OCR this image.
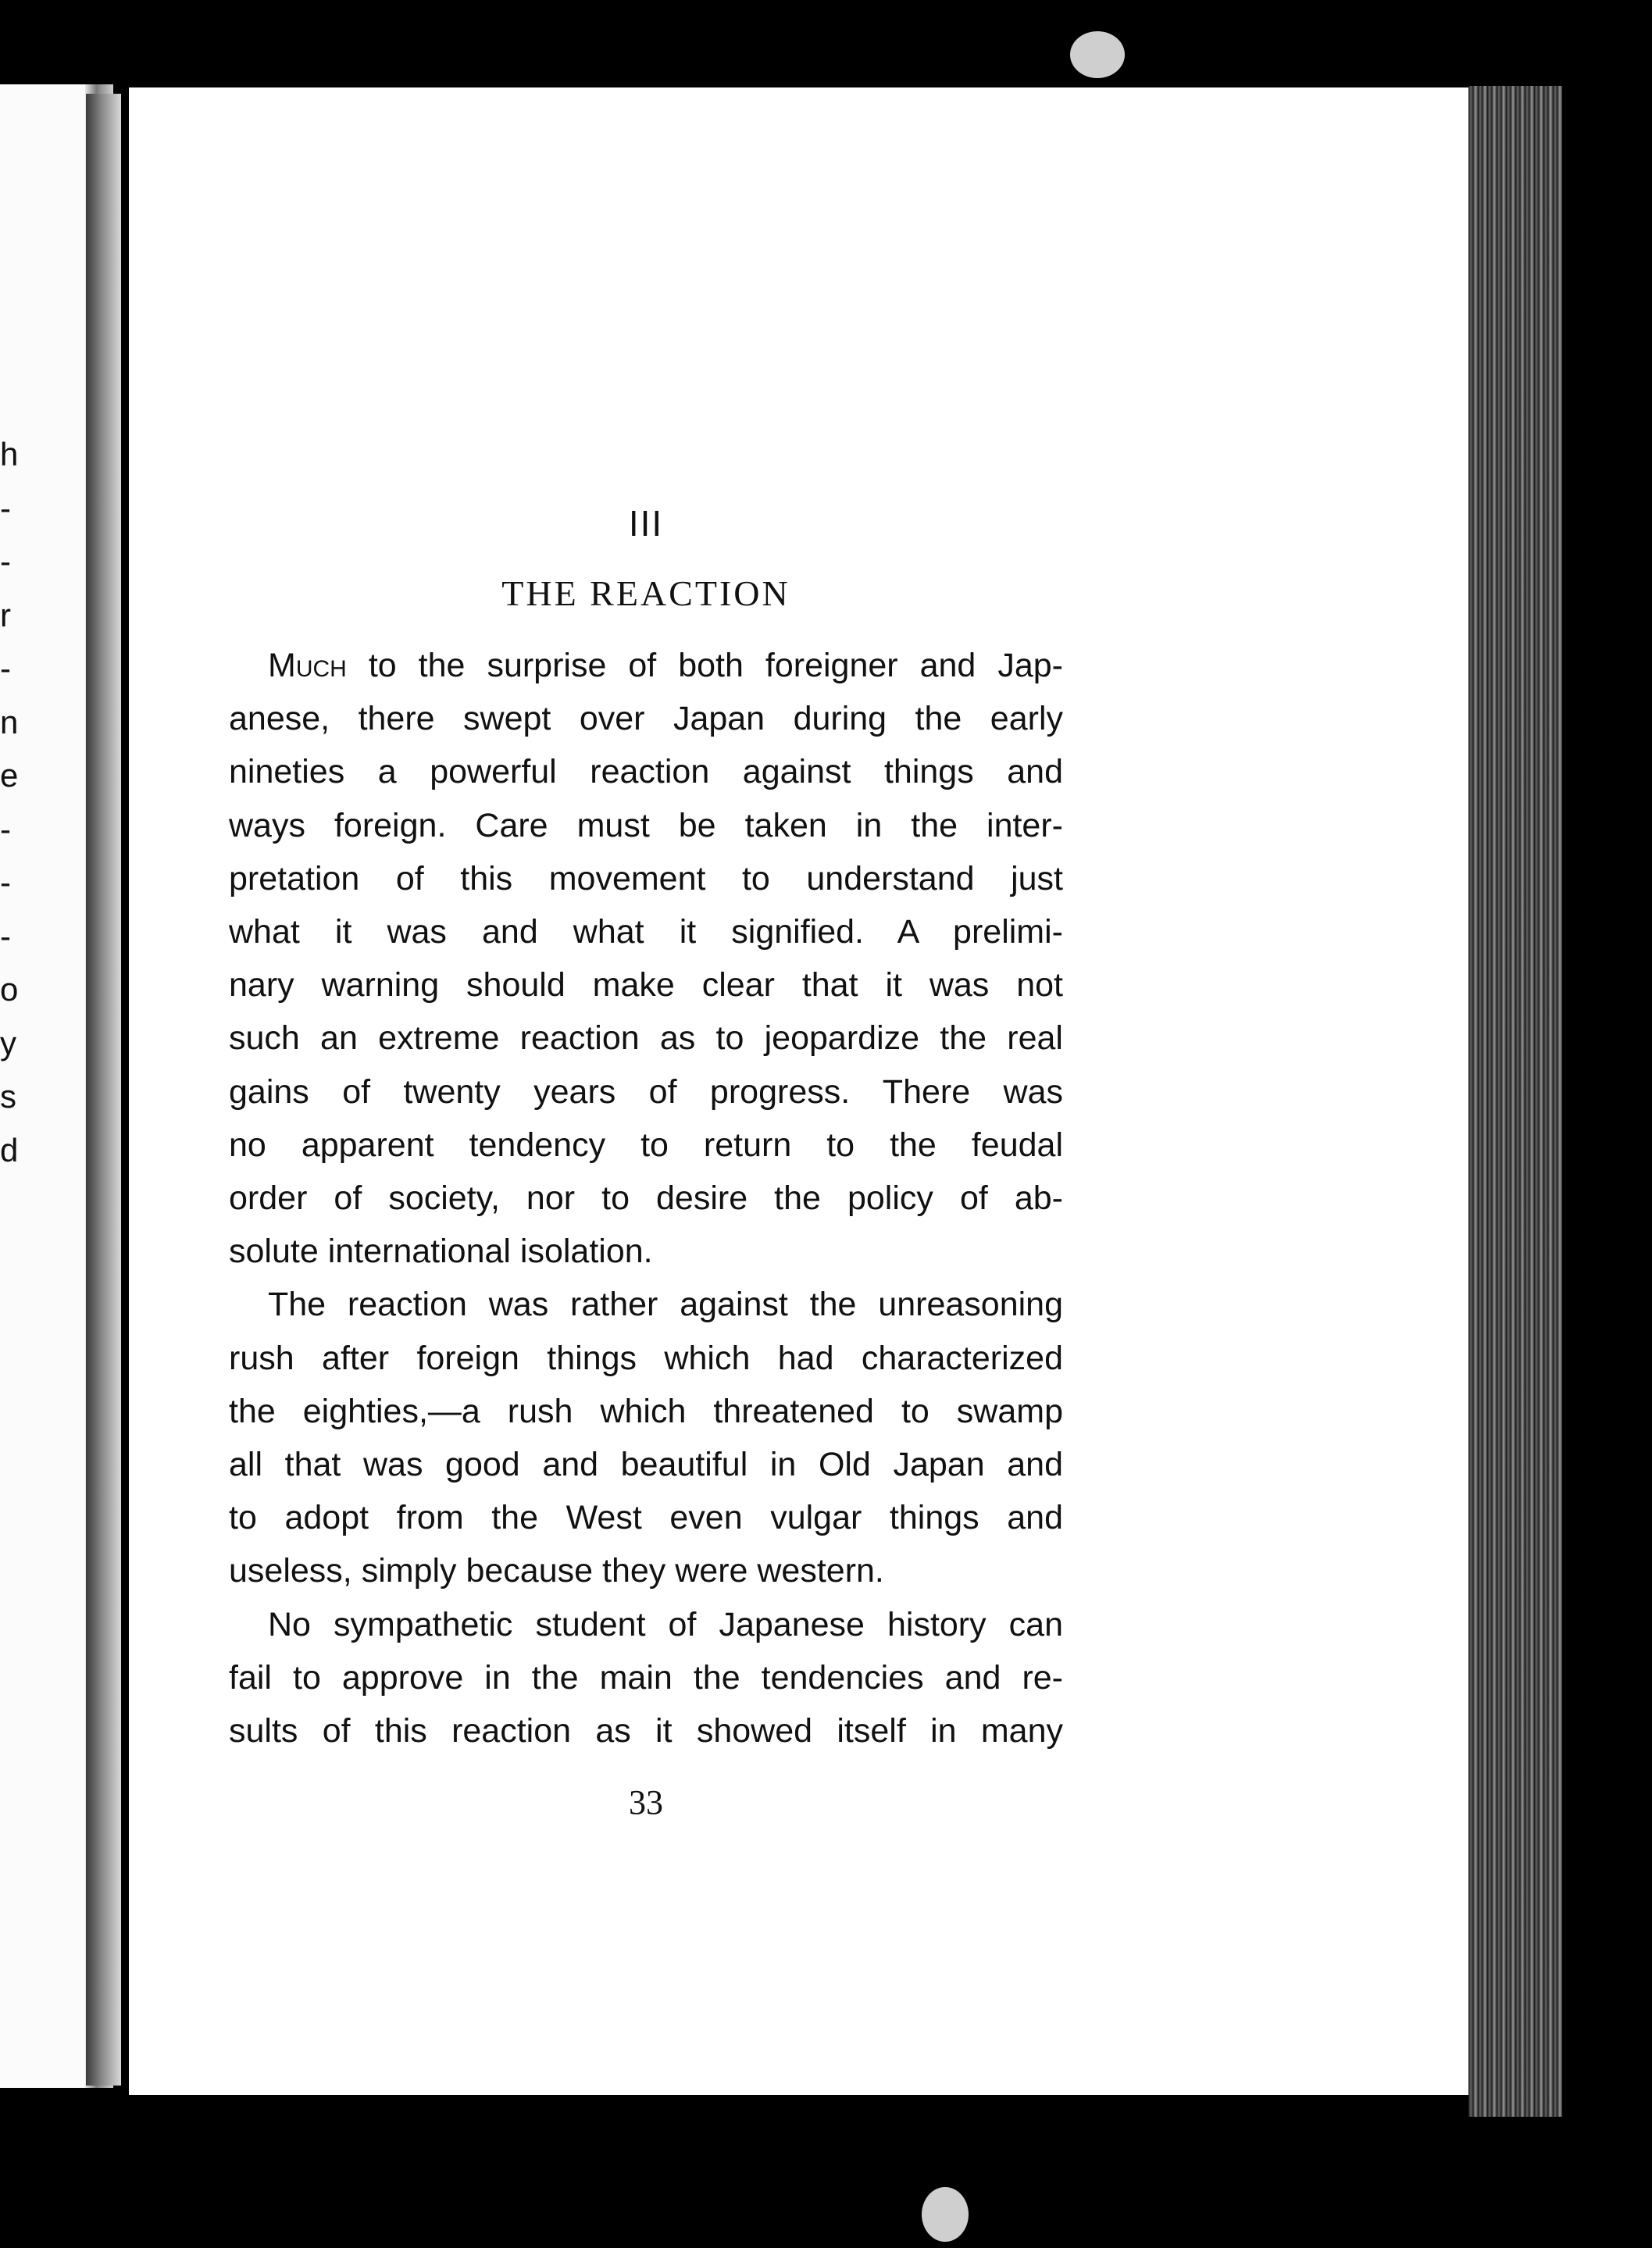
h
-
-
r
-
n
e
-
-
-
o
y
s
d
III
THE REACTION

Much to the surprise of both foreigner and Jap-
anese, there swept over Japan during the early
nineties a powerful reaction against things and
ways foreign. Care must be taken in the inter-
pretation of this movement to understand just
what it was and what it signified. A prelimi-
nary warning should make clear that it was not
such an extreme reaction as to jeopardize the real
gains of twenty years of progress. There was
no apparent tendency to return to the feudal
order of society, nor to desire the policy of ab-
solute international isolation.

The reaction was rather against the unreasoning
rush after foreign things which had characterized
the eighties,—a rush which threatened to swamp
all that was good and beautiful in Old Japan and
to adopt from the West even vulgar things and
useless, simply because they were western.

No sympathetic student of Japanese history can
fail to approve in the main the tendencies and re-
sults of this reaction as it showed itself in many

33
